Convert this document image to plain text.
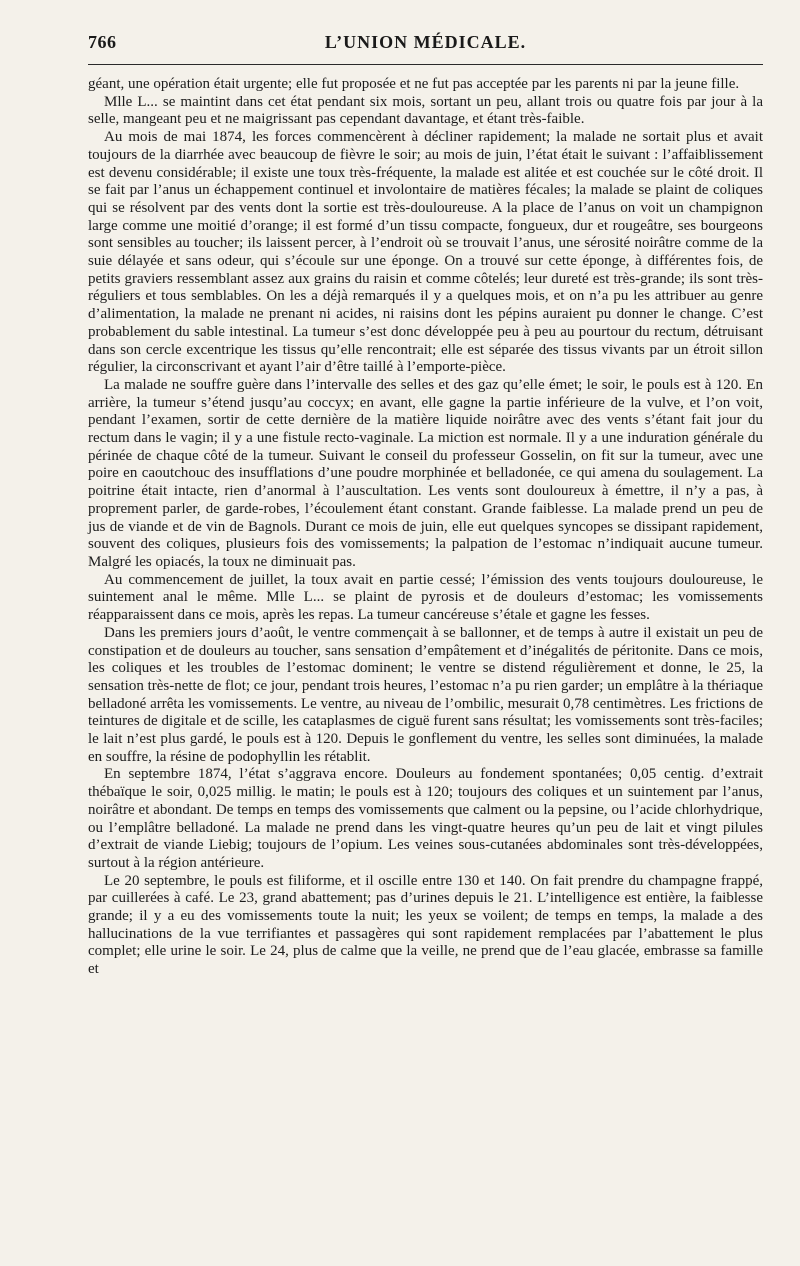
766	L’UNION MÉDICALE.

géant, une opération était urgente; elle fut proposée et ne fut pas acceptée par les parents ni par la jeune fille.

Mlle L... se maintint dans cet état pendant six mois, sortant un peu, allant trois ou quatre fois par jour à la selle, mangeant peu et ne maigrissant pas cependant davantage, et étant très-faible.

Au mois de mai 1874, les forces commencèrent à décliner rapidement; la malade ne sortait plus et avait toujours de la diarrhée avec beaucoup de fièvre le soir; au mois de juin, l’état était le suivant : l’affaiblissement est devenu considérable; il existe une toux très-fréquente, la malade est alitée et est couchée sur le côté droit. Il se fait par l’anus un échappement continuel et involontaire de matières fécales; la malade se plaint de coliques qui se résolvent par des vents dont la sortie est très-douloureuse. A la place de l’anus on voit un champignon large comme une moitié d’orange; il est formé d’un tissu compacte, fongueux, dur et rougeâtre, ses bourgeons sont sensibles au toucher; ils laissent percer, à l’endroit où se trouvait l’anus, une sérosité noirâtre comme de la suie délayée et sans odeur, qui s’écoule sur une éponge. On a trouvé sur cette éponge, à différentes fois, de petits graviers ressemblant assez aux grains du raisin et comme côtelés; leur dureté est très-grande; ils sont très-réguliers et tous semblables. On les a déjà remarqués il y a quelques mois, et on n’a pu les attribuer au genre d’alimentation, la malade ne prenant ni acides, ni raisins dont les pépins auraient pu donner le change. C’est probablement du sable intestinal. La tumeur s’est donc développée peu à peu au pourtour du rectum, détruisant dans son cercle excentrique les tissus qu’elle rencontrait; elle est séparée des tissus vivants par un étroit sillon régulier, la circonscrivant et ayant l’air d’être taillé à l’emporte-pièce.

La malade ne souffre guère dans l’intervalle des selles et des gaz qu’elle émet; le soir, le pouls est à 120. En arrière, la tumeur s’étend jusqu’au coccyx; en avant, elle gagne la partie inférieure de la vulve, et l’on voit, pendant l’examen, sortir de cette dernière de la matière liquide noirâtre avec des vents s’étant fait jour du rectum dans le vagin; il y a une fistule recto-vaginale. La miction est normale. Il y a une induration générale du périnée de chaque côté de la tumeur. Suivant le conseil du professeur Gosselin, on fit sur la tumeur, avec une poire en caoutchouc des insufflations d’une poudre morphinée et belladonée, ce qui amena du soulagement. La poitrine était intacte, rien d’anormal à l’auscultation. Les vents sont douloureux à émettre, il n’y a pas, à proprement parler, de garde-robes, l’écoulement étant constant. Grande faiblesse. La malade prend un peu de jus de viande et de vin de Bagnols. Durant ce mois de juin, elle eut quelques syncopes se dissipant rapidement, souvent des coliques, plusieurs fois des vomissements; la palpation de l’estomac n’indiquait aucune tumeur. Malgré les opiacés, la toux ne diminuait pas.

Au commencement de juillet, la toux avait en partie cessé; l’émission des vents toujours douloureuse, le suintement anal le même. Mlle L... se plaint de pyrosis et de douleurs d’estomac; les vomissements réapparaissent dans ce mois, après les repas. La tumeur cancéreuse s’étale et gagne les fesses.

Dans les premiers jours d’août, le ventre commençait à se ballonner, et de temps à autre il existait un peu de constipation et de douleurs au toucher, sans sensation d’empâtement et d’inégalités de péritonite. Dans ce mois, les coliques et les troubles de l’estomac dominent; le ventre se distend régulièrement et donne, le 25, la sensation très-nette de flot; ce jour, pendant trois heures, l’estomac n’a pu rien garder; un emplâtre à la thériaque belladoné arrêta les vomissements. Le ventre, au niveau de l’ombilic, mesurait 0,78 centimètres. Les frictions de teintures de digitale et de scille, les cataplasmes de ciguë furent sans résultat; les vomissements sont très-faciles; le lait n’est plus gardé, le pouls est à 120. Depuis le gonflement du ventre, les selles sont diminuées, la malade en souffre, la résine de podophyllin les rétablit.

En septembre 1874, l’état s’aggrava encore. Douleurs au fondement spontanées; 0,05 centig. d’extrait thébaïque le soir, 0,025 millig. le matin; le pouls est à 120; toujours des coliques et un suintement par l’anus, noirâtre et abondant. De temps en temps des vomissements que calment ou la pepsine, ou l’acide chlorhydrique, ou l’emplâtre belladoné. La malade ne prend dans les vingt-quatre heures qu’un peu de lait et vingt pilules d’extrait de viande Liebig; toujours de l’opium. Les veines sous-cutanées abdominales sont très-développées, surtout à la région antérieure.

Le 20 septembre, le pouls est filiforme, et il oscille entre 130 et 140. On fait prendre du champagne frappé, par cuillerées à café. Le 23, grand abattement; pas d’urines depuis le 21. L’intelligence est entière, la faiblesse grande; il y a eu des vomissements toute la nuit; les yeux se voilent; de temps en temps, la malade a des hallucinations de la vue terrifiantes et passagères qui sont rapidement remplacées par l’abattement le plus complet; elle urine le soir. Le 24, plus de calme que la veille, ne prend que de l’eau glacée, embrasse sa famille et
